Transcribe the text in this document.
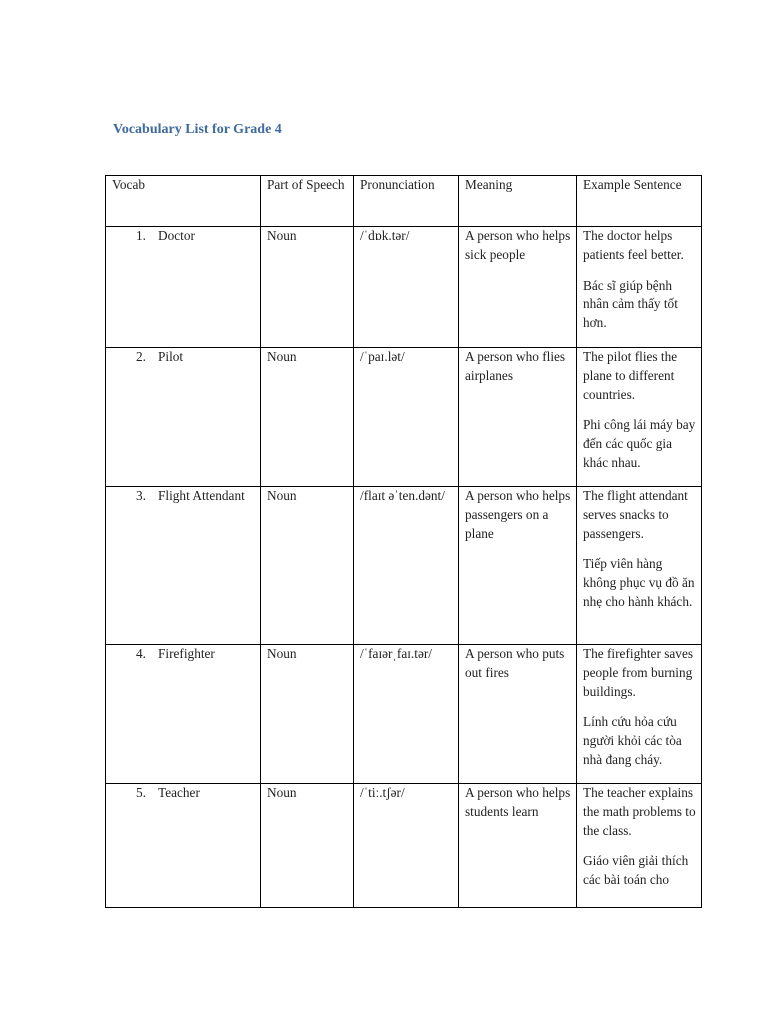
Vocabulary List for Grade 4
Vocab	Part of Speech	Pronunciation	Meaning	Example Sentence
1. Doctor	Noun	/ˈdɒk.tər/	A person who helps sick people	The doctor helps patients feel better.

Bác sĩ giúp bệnh nhân cảm thấy tốt hơn.

2. Pilot	Noun	/ˈpaɪ.lət/	A person who flies airplanes	The pilot flies the plane to different countries.

Phi công lái máy bay đến các quốc gia khác nhau.

3. Flight Attendant	Noun	/flaɪt əˈten.dənt/	A person who helps passengers on a plane	The flight attendant serves snacks to passengers.

Tiếp viên hàng không phục vụ đồ ăn nhẹ cho hành khách.

4. Firefighter	Noun	/ˈfaɪərˌfaɪ.tər/	A person who puts out fires	The firefighter saves people from burning buildings.

Lính cứu hỏa cứu người khỏi các tòa nhà đang cháy.

5. Teacher	Noun	/ˈtiː.tʃər/	A person who helps students learn	The teacher explains the math problems to the class.

Giáo viên giải thích các bài toán cho
